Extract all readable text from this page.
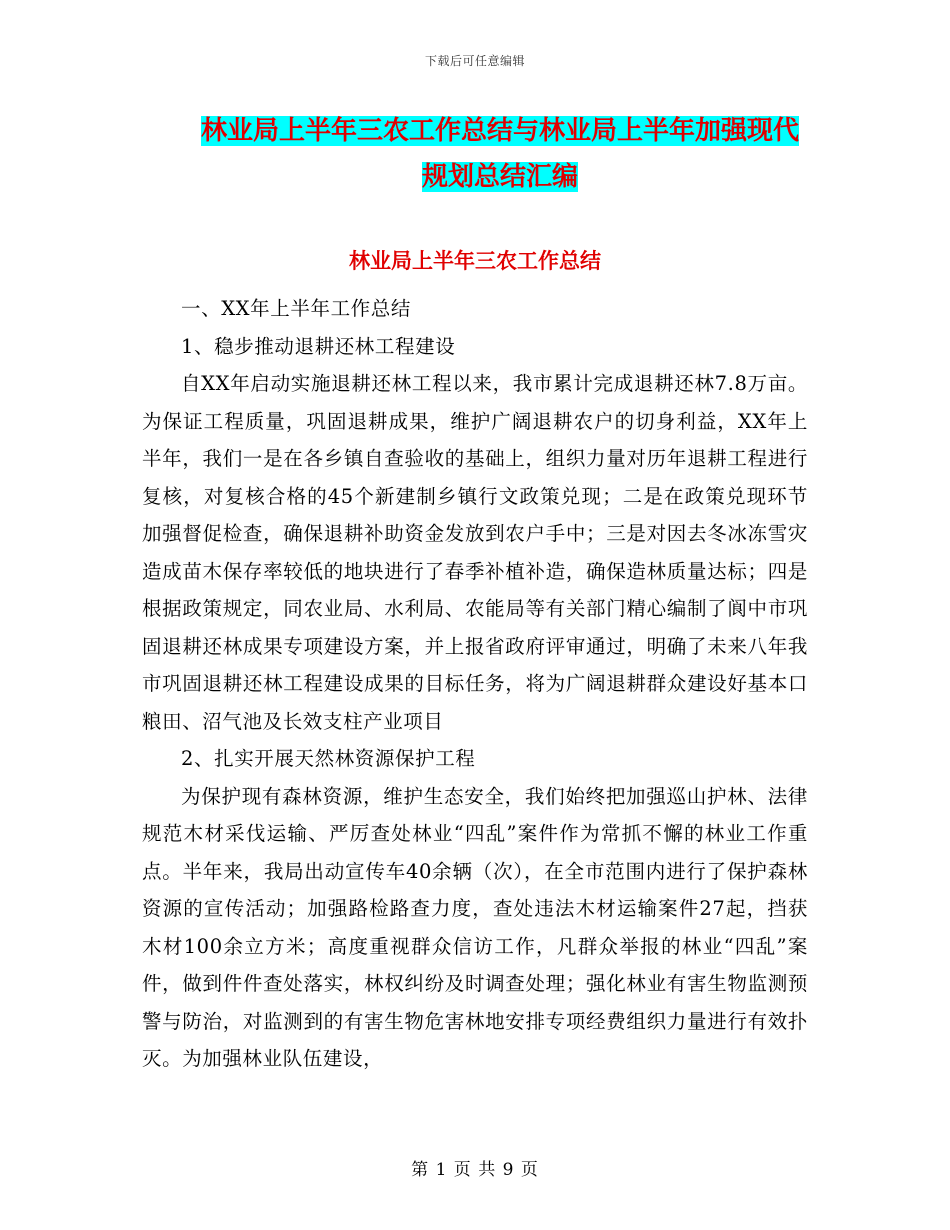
下载后可任意编辑
林业局上半年三农工作总结与林业局上半年加强现代
规划总结汇编
林业局上半年三农工作总结

一、XX年上半年工作总结

1、稳步推动退耕还林工程建设

自XX年启动实施退耕还林工程以来，我市累计完成退耕还林7.8万亩。为保证工程质量，巩固退耕成果，维护广阔退耕农户的切身利益，XX年上半年，我们一是在各乡镇自查验收的基础上，组织力量对历年退耕工程进行复核，对复核合格的45个新建制乡镇行文政策兑现；二是在政策兑现环节加强督促检查，确保退耕补助资金发放到农户手中；三是对因去冬冰冻雪灾造成苗木保存率较低的地块进行了春季补植补造，确保造林质量达标；四是根据政策规定，同农业局、水利局、农能局等有关部门精心编制了阆中市巩固退耕还林成果专项建设方案，并上报省政府评审通过，明确了未来八年我市巩固退耕还林工程建设成果的目标任务，将为广阔退耕群众建设好基本口粮田、沼气池及长效支柱产业项目

2、扎实开展天然林资源保护工程

为保护现有森林资源，维护生态安全，我们始终把加强巡山护林、法律规范木材采伐运输、严厉查处林业“四乱”案件作为常抓不懈的林业工作重点。半年来，我局出动宣传车40余辆（次），在全市范围内进行了保护森林资源的宣传活动；加强路检路查力度，查处违法木材运输案件27起，挡获木材100余立方米；高度重视群众信访工作，凡群众举报的林业“四乱”案件，做到件件查处落实，林权纠纷及时调查处理；强化林业有害生物监测预警与防治，对监测到的有害生物危害林地安排专项经费组织力量进行有效扑灭。为加强林业队伍建设，

第 1 页 共 9 页
